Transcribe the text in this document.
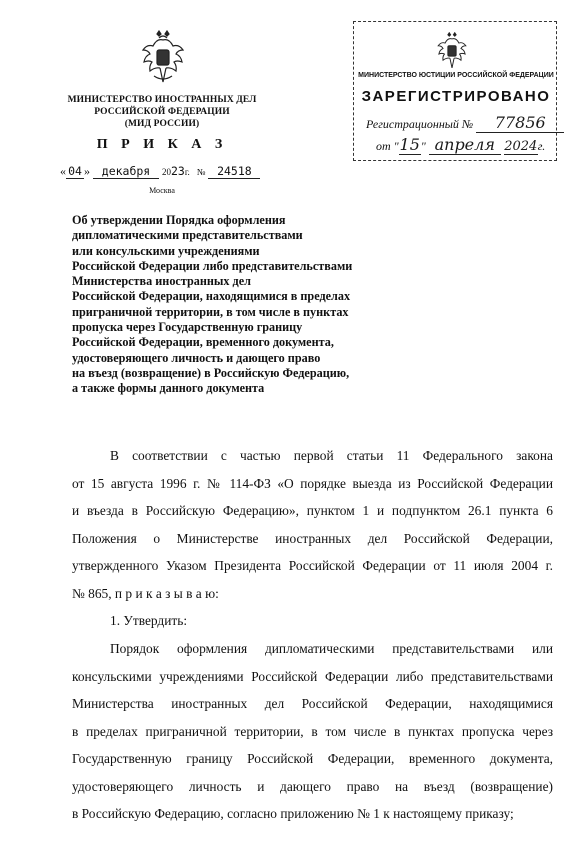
МИНИСТЕРСТВО ИНОСТРАННЫХ ДЕЛ
РОССИЙСКОЙ ФЕДЕРАЦИИ
(МИД РОССИИ)
П Р И К А З
« 04 » декабря 2023г. № 24518
Москва
МИНИСТЕРСТВО ЮСТИЦИИ РОССИЙСКОЙ ФЕДЕРАЦИИ
ЗАРЕГИСТРИРОВАНО
Регистрационный № 77856
от "15" апреля 2024г.
Об утверждении Порядка оформления
дипломатическими представительствами
или консульскими учреждениями
Российской Федерации либо представительствами
Министерства иностранных дел
Российской Федерации, находящимися в пределах
приграничной территории, в том числе в пунктах
пропуска через Государственную границу
Российской Федерации, временного документа,
удостоверяющего личность и дающего право
на въезд (возвращение) в Российскую Федерацию,
а также формы данного документа
В соответствии с частью первой статьи 11 Федерального закона
от 15 августа 1996 г. № 114-ФЗ «О порядке выезда из Российской Федерации
и въезда в Российскую Федерацию», пунктом 1 и подпунктом 26.1 пункта 6
Положения о Министерстве иностранных дел Российской Федерации,
утвержденного Указом Президента Российской Федерации от 11 июля 2004 г.
№ 865, п р и к а з ы в а ю:
1. Утвердить:
Порядок оформления дипломатическими представительствами или
консульскими учреждениями Российской Федерации либо представительствами
Министерства иностранных дел Российской Федерации, находящимися
в пределах приграничной территории, в том числе в пунктах пропуска через
Государственную границу Российской Федерации, временного документа,
удостоверяющего личность и дающего право на въезд (возвращение)
в Российскую Федерацию, согласно приложению № 1 к настоящему приказу;
